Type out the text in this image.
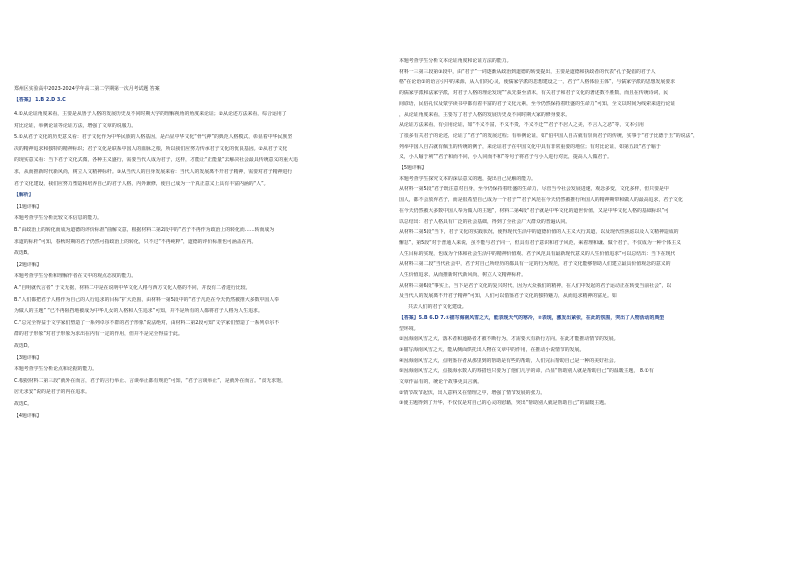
郑州区实验高中2023-2024学年高二第二学期第一次月考试题 答案
【答案】 1.B 2.D 3.C
4.①从论证角度来看，主要是从鲁子人格的发展历史及不同时期大学的理解视角的角度来论证；②从论述方法来看，综合运用了
对比论证，举例论证等论证方法，增强了文章的说服力。
5.①从君子文化的历史意义看：君子文化作为中华民族的人格基因，是凸显中华文化“骨气神”的典范人格模式，彰显着中华民族坚
决的精神追求和独特的精神标识；君子文化是联系中国人的血脉之根，所以我们应努力传承君子文化的优良基因。②从君子文化
的现实意义看：当下君子文化式微，各种主义盛行，需要当代人成为君子，这样，才能让“正能量”去解决社会最具传统意义的重大追
求，从而推新时代新风尚，树立人文精神标杆。③从当代人的自身发展来看：当代人的发展离不开君子精神，需要对君子精神进行
君子文化建设，我们应努力塑造和培养自己的君子人格，内外兼修，使自己成为一个真正意义上具有丰富内涵的“人”。
【解析】
【1题详解】
本题考查学生分析比较文本信息的能力。
B.“由政治上的转化而成为道德的评价标准”曲解文意，根据材料二第2段中的“君子不再作为政治上的转化而……转而成为
求道的标杆”可知，春秋时期的君子仍然可指政治上的转化，只不过“不再纯粹”，道德的评价标准也可涵盖在内。
故选B。
【2题详解】
本题考查学生分析和理解作者在文中的观点态度的能力。
A.“自明就代言者” 于文无据，材料二中是在说明中华文化人格与西方文化人格的不同，并没有二者进行比较。
B.“人们都把君子人格作为自己的人行追求的目标”扩大范围，由材料一第5段中的“君子凡范在今天仍然被推大多数中国人奉
为做人的主题” “已不再阻挡地被成为中华儿女的人格和人生追求”可知，并不是所有的人都将君子人格为人生追求。
C.“总完全得益于文学家们塑造了一系列卓尔不群的君子形象”说法绝对，由材料二第2段可知“文学家们塑造了一系列卓尔不
群的君子形象”对君子形象为求出在内有一定的作用，但并不是完全得益于此。
故选D。
【3题详解】
本题考查学生分析论点和论据的能力。
C.根据材料二第三段“就外在而言，君子的言行举止、言谈举止都有规范”可知，“君子言谈举止”，是就外在而言。“食无求饱，
居无求安”说的是君子的内在追求。
故选C。
【4题详解】
本题考查学生分析文本论证角度和论证方法的能力。
材料一三第三段第③段中，由“君子”一词逐渐从政治到道德的转变提出，主要是道德和执政者的代表“孔子提倡的君子人
格”在论语①的语言引中的来源，从人们的心灵，使儒家学派的思想建设之一，君子“人格体验主体”，与儒家学派的思想发展要求
的儒家学派和法家学派，对君子人格的理论发现”“从先秦至清末，有关君子和君子文化的著述数不胜数，而且在传统诗词，民
间谚语，民俗礼仪及蒙学读书中都有着丰富的君子文化元素，至今仍然保持着旺盛的生命力”可知，全文以时间为线索来进行论证
，从论证角度来看，主要写了君子人格的发展历史及不同时期大家的修身要求。
从论证方法来看，有引用论证，如“不义不富，不义不贵，不义不迁”“君子不居人之美，不言人之恶”等，文本引用
了很多有关君子的论述，论证了“君子”的发展过程；有举例论证，如“伯中国人自古就有崇尚君子的传统，实事于“君子比德于玉”的说法”，
列举中国人自古就有佩玉的传统的例子，来论证君子在中国文化中具有非常重要的地位；有对比论证，如第五段“君子喻于
义，小人喻于利”“君子和而不同，小人同而不和”等句子将君子与小人进行对比，提高人人做君子。
【5题详解】
本题考查学生探究文本的深层意义的题，提出自己见解的能力。
从材料一第5段“君子既注意对自身，至今仍保持着旺盛的生命力，尽管当今社会发展进速，观念多变，文化多样，但只要是中
国人，都不会放弃君子，而是很希望自己成为一个君子”“君子风范在今天仍然被推行所国人的精神期带和做人的最高追求，君子文化
在今天仍然被大多数中国人奉为做人的主题”，材料二第4段“君子就是中华文化的道世价值，又是中华文化人格的基础标识”可
以总结出：君子人格具有广泛的社会基础，得到了全社会广大群众的普遍认同。
从材料二第5段“当下，君子文化的实践状况，使得现代生活中的道德价值的人主义大行其道，以及现代性焦虑以及人文精神造成的
懈怠”，第5段“对于普通人来说，虽不能与君子同一，但具有君子意识和君子风范，乘着理和谦、做个君子，不仅成为一种个体主义
人生目标的实现，也成为个体和社会生活中的精神价值观、君子风范具有最新现代意义的人生价值追求”可以总结出：当下在现代
从材料三第二段“当代社会中，君子对自己所经历的都具有一定的行为规范，君子文化能够帮助人们建立最具价值观念的意义的
人生价值追求，从而推新时代新风尚，树立人文精神标杆。
从材料三第6段“事实上，当下是君子文化的复兴时代，因为大众我们的精神，在人们中发起的君子运动正在转变当前社会”，以
及当代人的发展离不开君子精神”可知，人们可以借鉴君子文化的独特魅力，从而追求精神的富足。如
共去人们的君子文化建设。
【答案】5.B 6.D 7.①描写海南风雪之大，能表现天气的寒冷，②表现，激发出紧张，在此的氛围，突出了人物活动的典型
型环境。
②因海南风雪之大，落木者和通路者才被不断行为，才需要大有新行方向。在此才能推动情节的发展。
③描写海南风雪之大，能从侧面烘托出人物在文章中的作用，在推动小说情节的发展。
④因海南风雪之大，点明鉴存者从那里到的帮助是有些的帮助，人们完后帮助自己是一种的美好社会。
⑤因海南风雪之大，点拨海水数人的筹措也只要为了他们几乎的命，凸显“帮助别人就是帮助自己”的温暖主题， 8.①有
文章作品有的，统论个故事更具言满。
②情节故节起伏，出人意料又在情理之中，增强了情节发展的张力。
③使主题得到了升华，不仅仅是对自己的心灵的慰藉，突出“帮助别人就是帮助自己”的温暖主题。
